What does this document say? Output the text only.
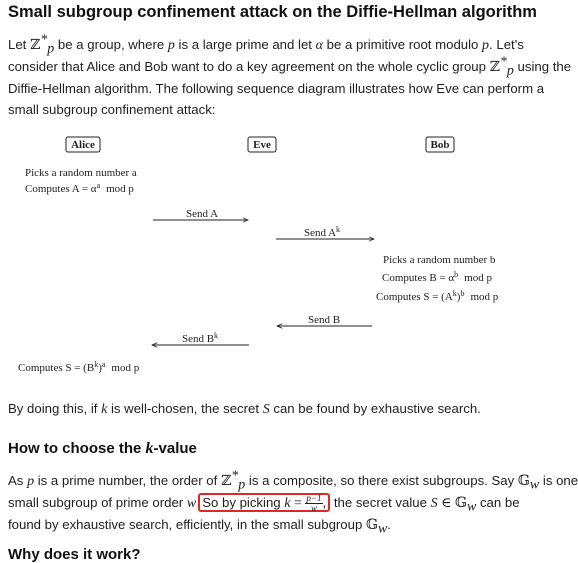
Small subgroup confinement attack on the Diffie-Hellman algorithm
Let ℤ*$_p$ be a group, where p is a large prime and let α be a primitive root modulo p. Let's
consider that Alice and Bob want to do a key agreement on the whole cyclic group ℤ*$_p$ using the
Diffie-Hellman algorithm. The following sequence diagram illustrates how Eve can perform a
small subgroup confinement attack:
Alice	Eve	Bob
Picks a random number a
Computes $A = \alpha^a$ mod p
Send A
Send $A^k$
Picks a random number b
Computes $B = \alpha^b$ mod p
Computes $S = (A^k)^b$ mod p
Send B
Send $B^k$
Computes $S = (B^k)^a$ mod p
By doing this, if k is well-chosen, the secret S can be found by exhaustive search.
How to choose the k-value
As p is a prime number, the order of ℤ*$_p$ is a composite, so there exist subgroups. Say 𝔾$_w$ is one
small subgroup of prime order w So by picking $k = \frac{p-1}{w}$ , the secret value S ∈ 𝔾$_w$ can be
found by exhaustive search, efficiently, in the small subgroup 𝔾$_w$.
Why does it work?
